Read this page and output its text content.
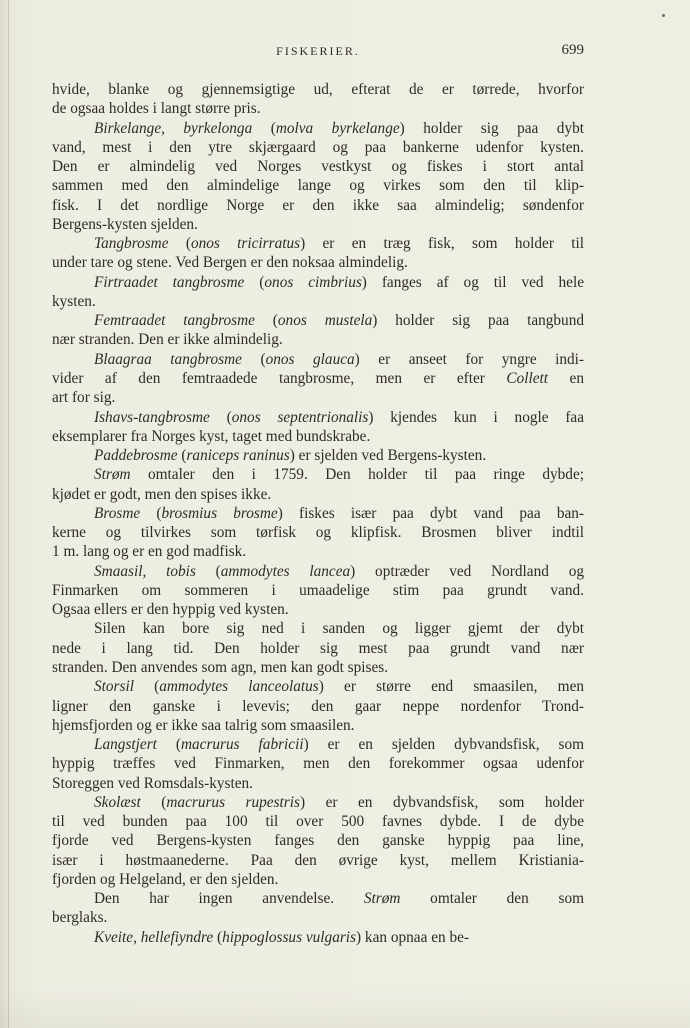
FISKERIER.	699
hvide, blanke og gjennemsigtige ud, efterat de er tørrede, hvorfor
de ogsaa holdes i langt større pris.
Birkelange, byrkelonga (molva byrkelange) holder sig paa dybt
vand, mest i den ytre skjærgaard og paa bankerne udenfor kysten.
Den er almindelig ved Norges vestkyst og fiskes i stort antal
sammen med den almindelige lange og virkes som den til klip-
fisk. I det nordlige Norge er den ikke saa almindelig; søndenfor
Bergens-kysten sjelden.
Tangbrosme (onos tricirratus) er en træg fisk, som holder til
under tare og stene. Ved Bergen er den noksaa almindelig.
Firtraadet tangbrosme (onos cimbrius) fanges af og til ved hele
kysten.
Femtraadet tangbrosme (onos mustela) holder sig paa tangbund
nær stranden. Den er ikke almindelig.
Blaagraa tangbrosme (onos glauca) er anseet for yngre indi-
vider af den femtraadede tangbrosme, men er efter Collett en
art for sig.
Ishavs-tangbrosme (onos septentrionalis) kjendes kun i nogle faa
eksemplarer fra Norges kyst, taget med bundskrabe.
Paddebrosme (raniceps raninus) er sjelden ved Bergens-kysten.
Strøm omtaler den i 1759. Den holder til paa ringe dybde;
kjødet er godt, men den spises ikke.
Brosme (brosmius brosme) fiskes især paa dybt vand paa ban-
kerne og tilvirkes som tørfisk og klipfisk. Brosmen bliver indtil
1 m. lang og er en god madfisk.
Smaasil, tobis (ammodytes lancea) optræder ved Nordland og
Finmarken om sommeren i umaadelige stim paa grundt vand.
Ogsaa ellers er den hyppig ved kysten.
Silen kan bore sig ned i sanden og ligger gjemt der dybt
nede i lang tid. Den holder sig mest paa grundt vand nær
stranden. Den anvendes som agn, men kan godt spises.
Storsil (ammodytes lanceolatus) er større end smaasilen, men
ligner den ganske i levevis; den gaar neppe nordenfor Trond-
hjemsfjorden og er ikke saa talrig som smaasilen.
Langstjert (macrurus fabricii) er en sjelden dybvandsfisk, som
hyppig træffes ved Finmarken, men den forekommer ogsaa udenfor
Storeggen ved Romsdals-kysten.
Skolæst (macrurus rupestris) er en dybvandsfisk, som holder
til ved bunden paa 100 til over 500 favnes dybde. I de dybe
fjorde ved Bergens-kysten fanges den ganske hyppig paa line,
især i høstmaanederne. Paa den øvrige kyst, mellem Kristiania-
fjorden og Helgeland, er den sjelden.
Den har ingen anvendelse. Strøm omtaler den som
berglaks.
Kveite, hellefiyndre (hippoglossus vulgaris) kan opnaa en be-
